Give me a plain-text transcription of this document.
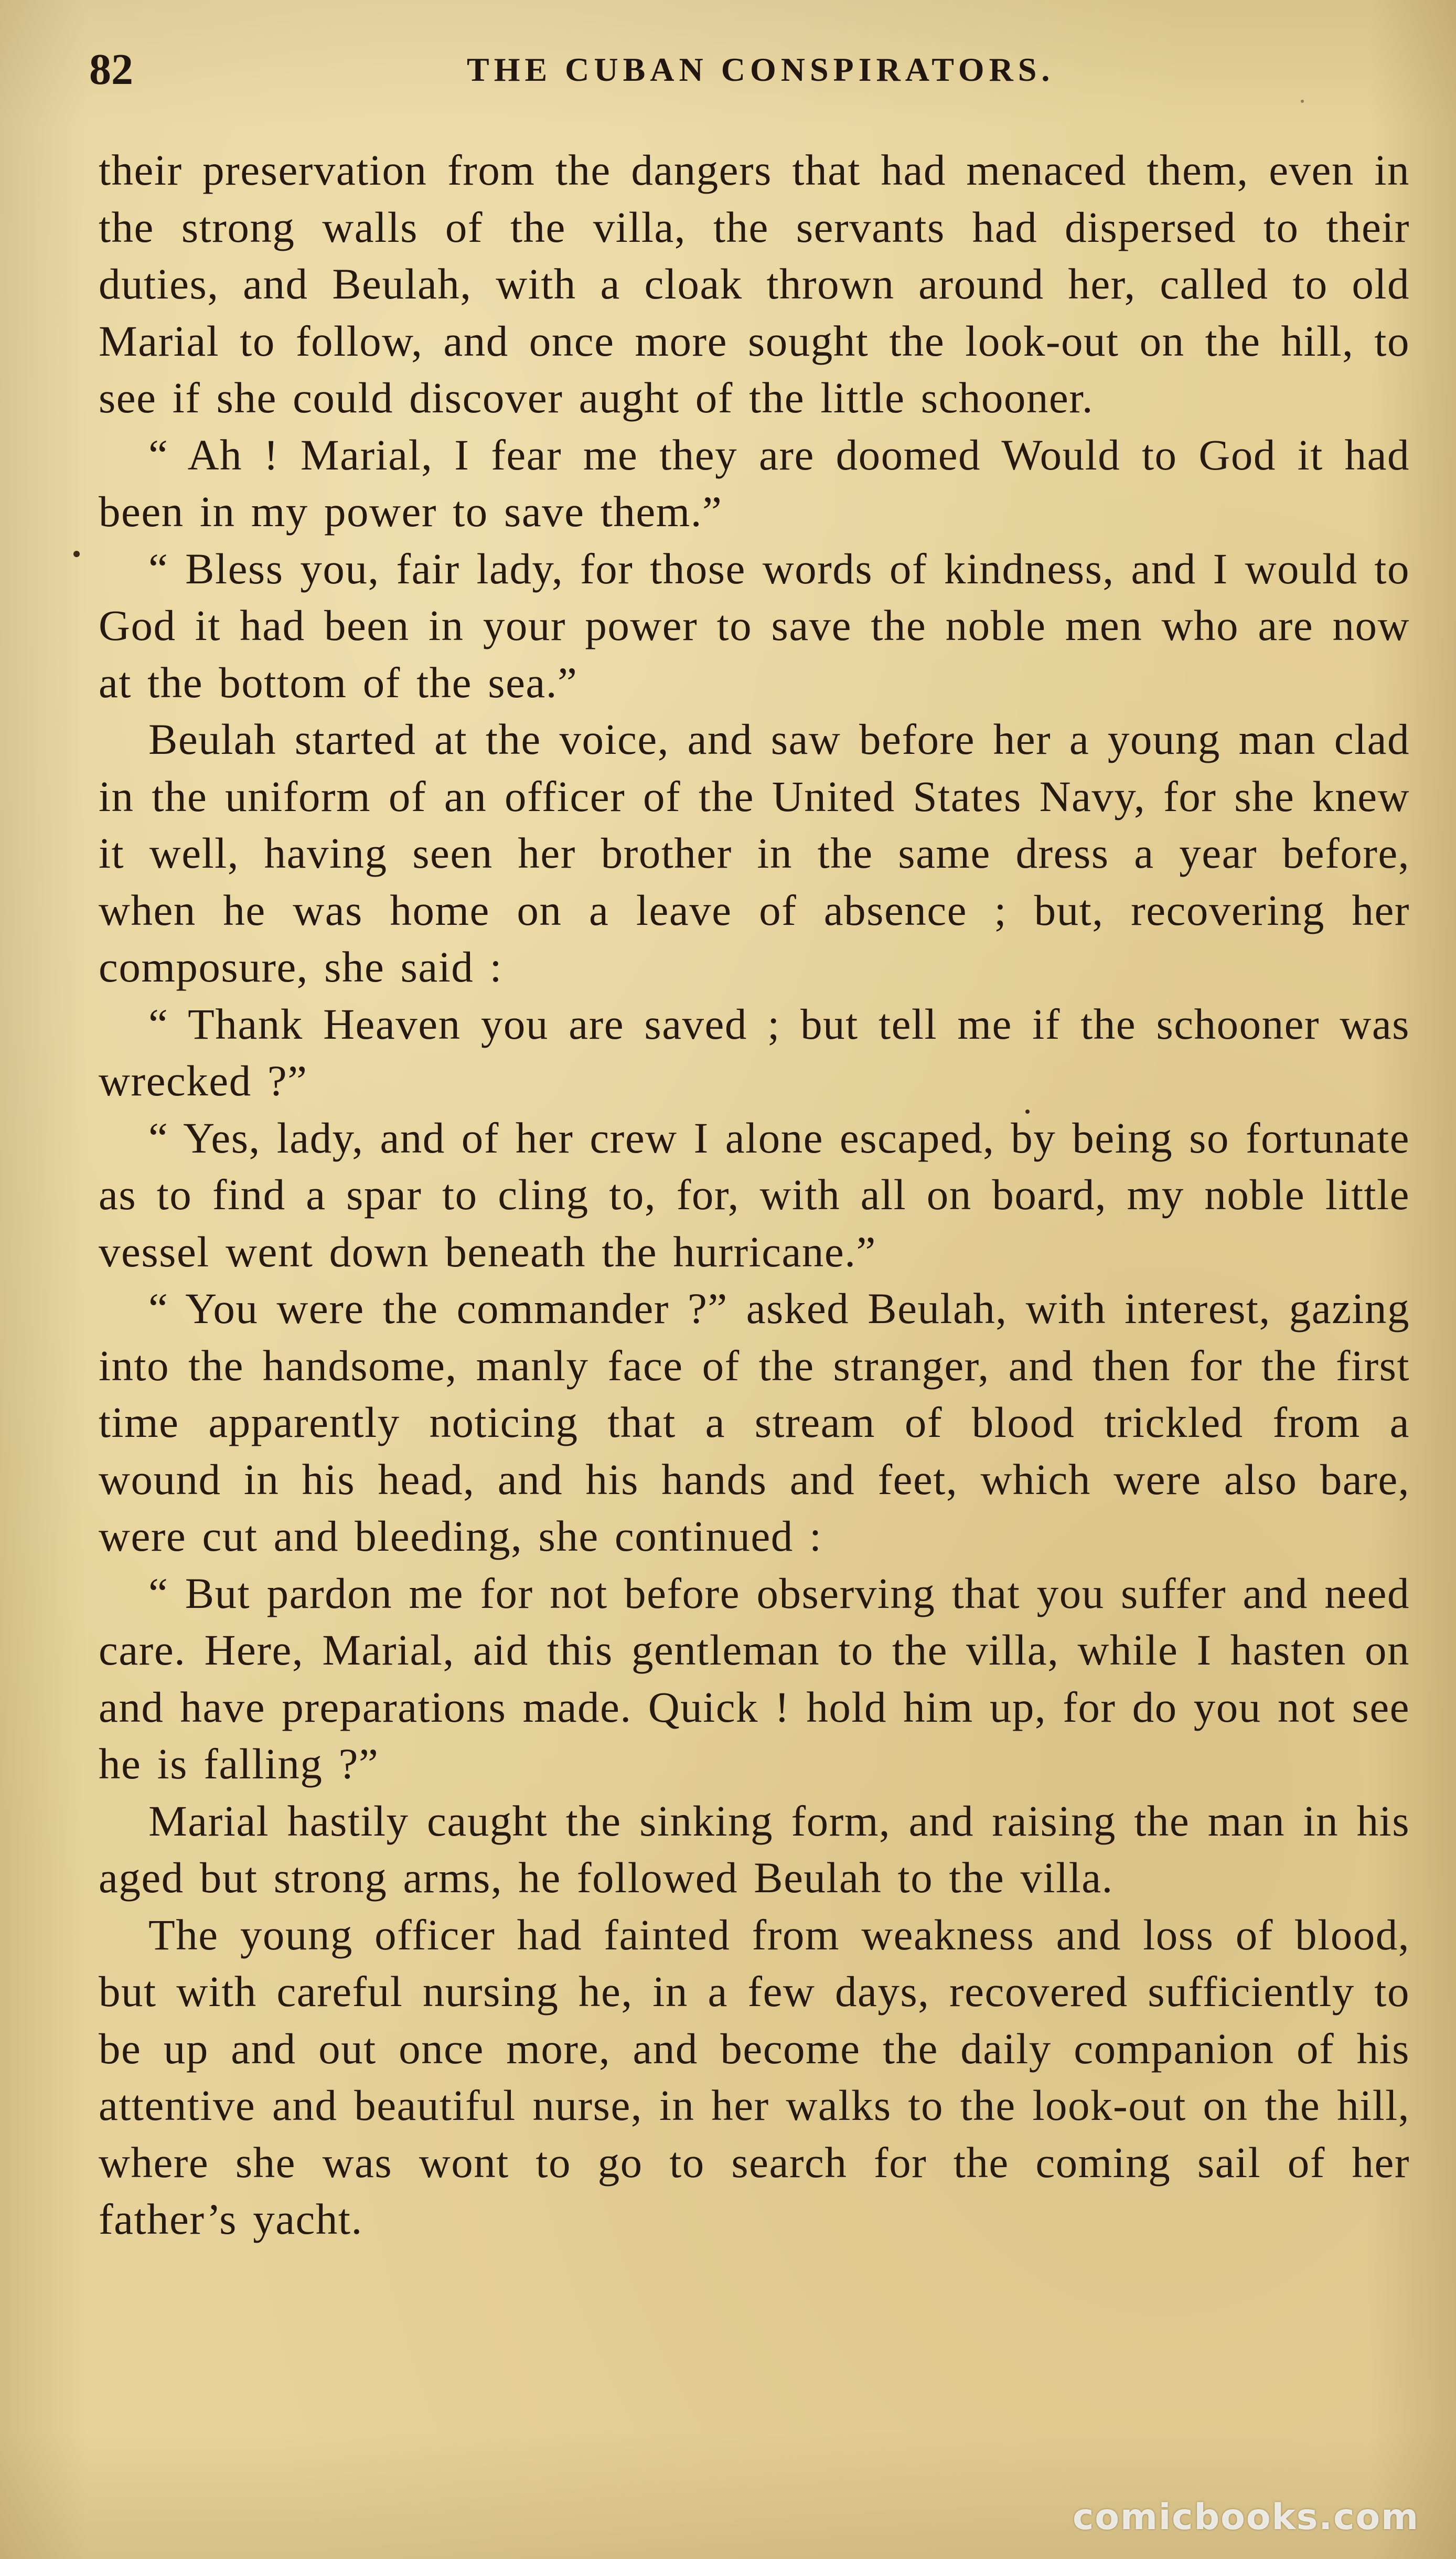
82	THE CUBAN CONSPIRATORS.

their preservation from the dangers that had menaced them, even in the strong walls of the villa, the servants had dispersed to their duties, and Beulah, with a cloak thrown around her, called to old Marial to follow, and once more sought the look-out on the hill, to see if she could discover aught of the little schooner.

“ Ah ! Marial, I fear me they are doomed Would to God it had been in my power to save them.”

“ Bless you, fair lady, for those words of kindness, and I would to God it had been in your power to save the noble men who are now at the bottom of the sea.”

Beulah started at the voice, and saw before her a young man clad in the uniform of an officer of the United States Navy, for she knew it well, having seen her brother in the same dress a year before, when he was home on a leave of absence ; but, recovering her composure, she said :

“ Thank Heaven you are saved ; but tell me if the schooner was wrecked ?”

“ Yes, lady, and of her crew I alone escaped, by being so fortunate as to find a spar to cling to, for, with all on board, my noble little vessel went down beneath the hurricane.”

“ You were the commander ?” asked Beulah, with interest, gazing into the handsome, manly face of the stranger, and then for the first time apparently noticing that a stream of blood trickled from a wound in his head, and his hands and feet, which were also bare, were cut and bleeding, she continued :

“ But pardon me for not before observing that you suffer and need care. Here, Marial, aid this gentleman to the villa, while I hasten on and have preparations made. Quick ! hold him up, for do you not see he is falling ?”

Marial hastily caught the sinking form, and raising the man in his aged but strong arms, he followed Beulah to the villa.

The young officer had fainted from weakness and loss of blood, but with careful nursing he, in a few days, recovered sufficiently to be up and out once more, and become the daily companion of his attentive and beautiful nurse, in her walks to the look-out on the hill, where she was wont to go to search for the coming sail of her father’s yacht.

comicbooks.com
